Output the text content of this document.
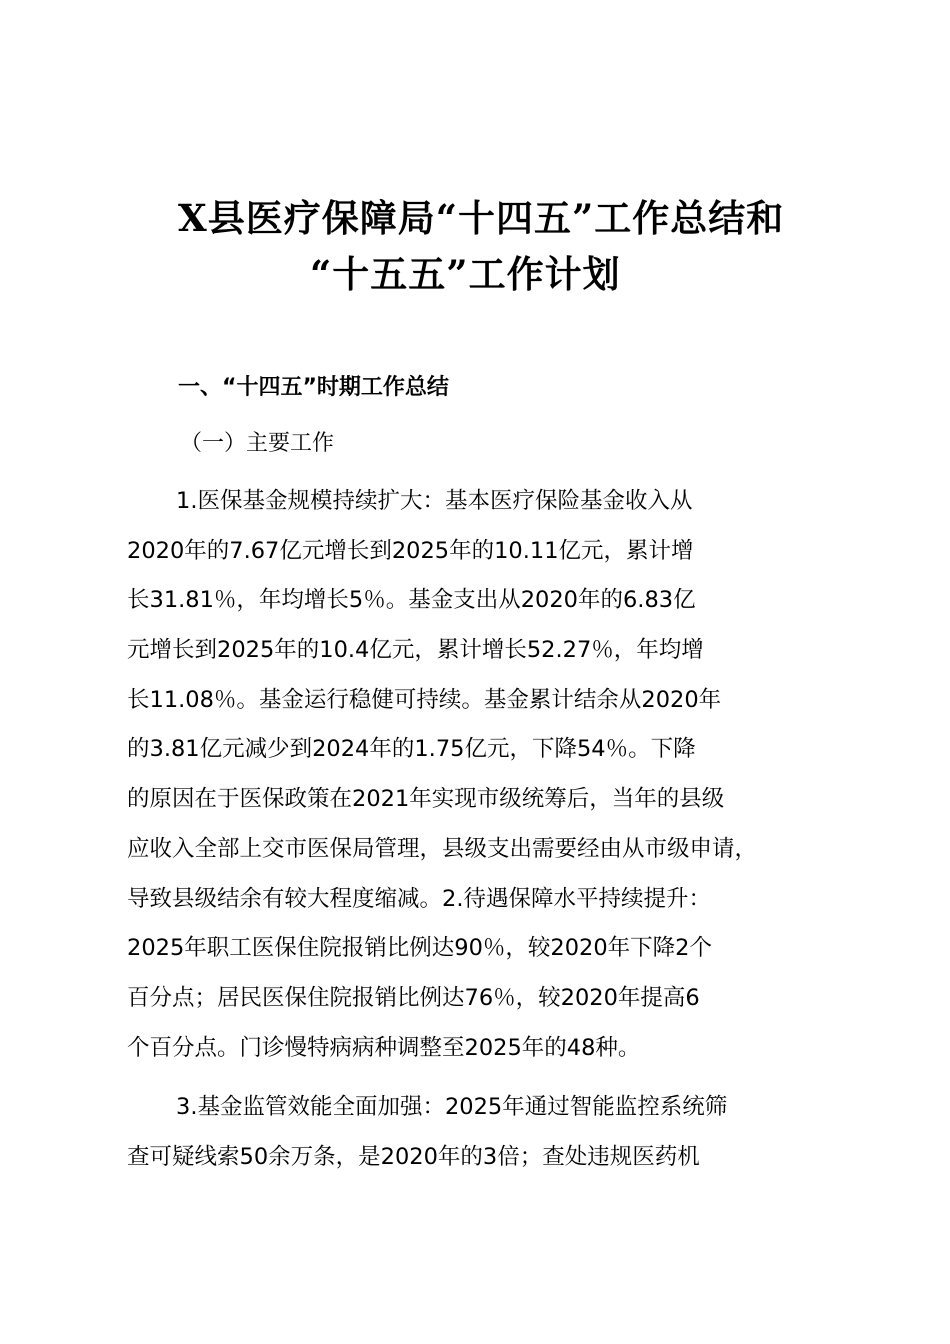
X县医疗保障局“十四五”工作总结和
“十五五”工作计划
一、“十四五”时期工作总结
（一）主要工作
1.医保基金规模持续扩大：基本医疗保险基金收入从
2020年的7.67亿元增长到2025年的10.11亿元，累计增
长31.81％，年均增长5％。基金支出从2020年的6.83亿
元增长到2025年的10.4亿元，累计增长52.27％，年均增
长11.08％。基金运行稳健可持续。基金累计结余从2020年
的3.81亿元减少到2024年的1.75亿元，下降54％。下降
的原因在于医保政策在2021年实现市级统筹后，当年的县级
应收入全部上交市医保局管理，县级支出需要经由从市级申请，
导致县级结余有较大程度缩减。2.待遇保障水平持续提升：
2025年职工医保住院报销比例达90％，较2020年下降2个
百分点；居民医保住院报销比例达76％，较2020年提高6
个百分点。门诊慢特病病种调整至2025年的48种。
3.基金监管效能全面加强：2025年通过智能监控系统筛
查可疑线索50余万条，是2020年的3倍；查处违规医药机
